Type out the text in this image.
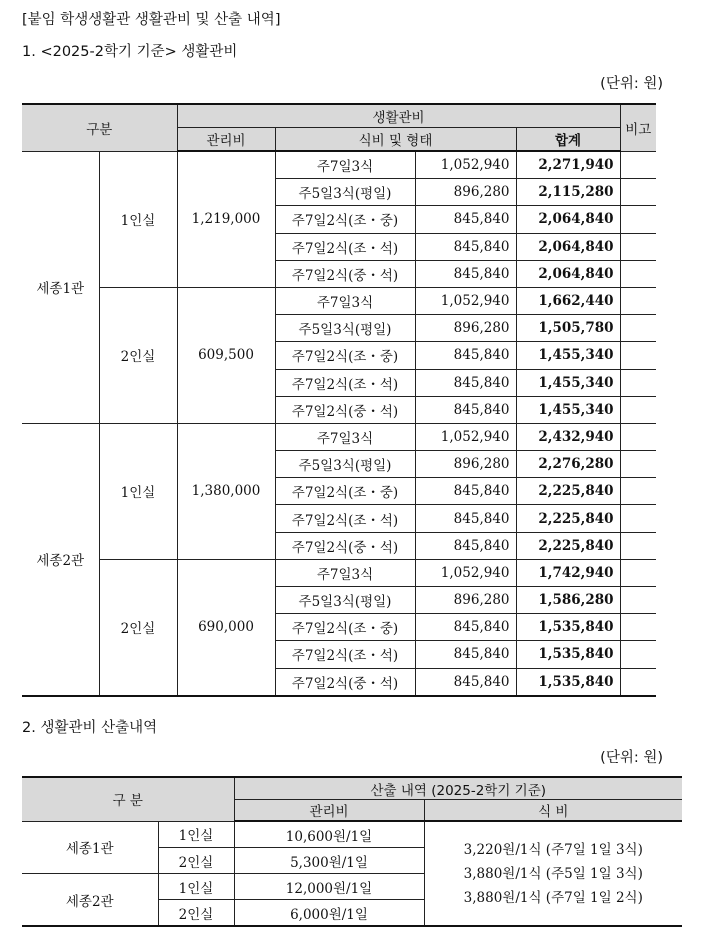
[붙임 학생생활관 생활관비 및 산출 내역]
1. <2025-2학기 기준> 생활관비
(단위: 원)
구분		생활관비				비고
		관리비	식비 및 형태		합계	
세종1관	1인실	1,219,000	주7일3식	1,052,940	2,271,940	
			주5일3식(평일)	896,280	2,115,280	
			주7일2식(조・중)	845,840	2,064,840	
			주7일2식(조・석)	845,840	2,064,840	
			주7일2식(중・석)	845,840	2,064,840	
	2인실	609,500	주7일3식	1,052,940	1,662,440	
			주5일3식(평일)	896,280	1,505,780	
			주7일2식(조・중)	845,840	1,455,340	
			주7일2식(조・석)	845,840	1,455,340	
			주7일2식(중・석)	845,840	1,455,340	
세종2관	1인실	1,380,000	주7일3식	1,052,940	2,432,940	
			주5일3식(평일)	896,280	2,276,280	
			주7일2식(조・중)	845,840	2,225,840	
			주7일2식(조・석)	845,840	2,225,840	
			주7일2식(중・석)	845,840	2,225,840	
	2인실	690,000	주7일3식	1,052,940	1,742,940	
			주5일3식(평일)	896,280	1,586,280	
			주7일2식(조・중)	845,840	1,535,840	
			주7일2식(조・석)	845,840	1,535,840	
			주7일2식(중・석)	845,840	1,535,840	
2. 생활관비 산출내역
(단위: 원)
구 분		산출 내역 (2025-2학기 기준)	
		관리비	식 비
세종1관	1인실	10,600원/1일	3,220원/1식 (주7일 1일 3식)
3,880원/1식 (주5일 1일 3식)
3,880원/1식 (주7일 1일 2식)

	2인실	5,300원/1일	
세종2관	1인실	12,000원/1일	
	2인실	6,000원/1일	
